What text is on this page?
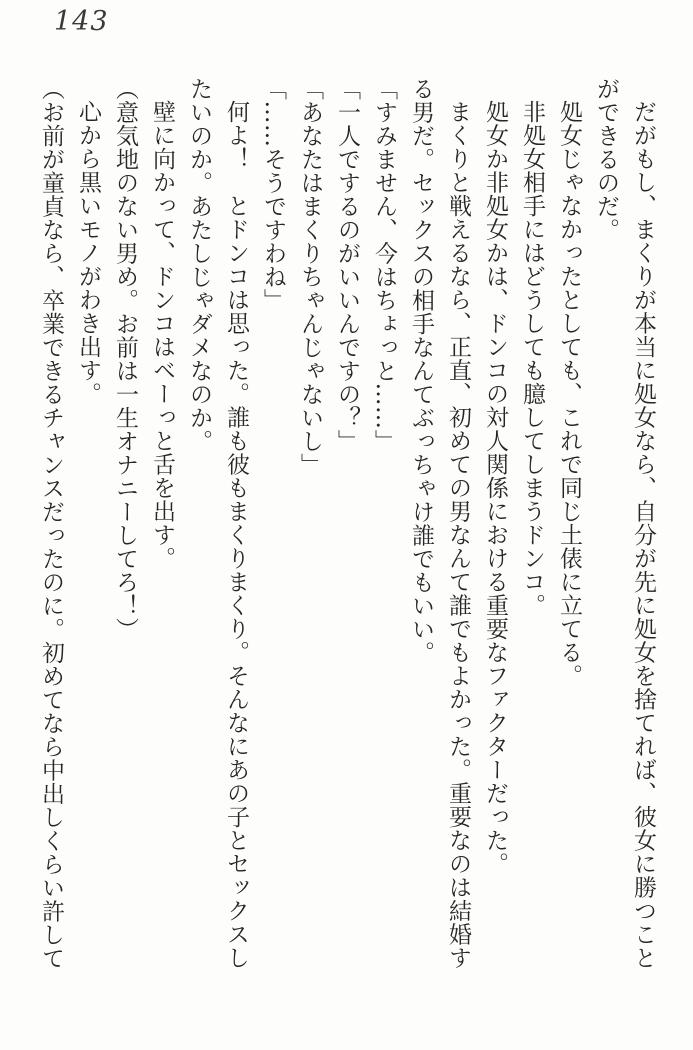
143

だがもし、まくりが本当に処女なら、自分が先に処女を捨てれば、彼女に勝つことができるのだ。

処女じゃなかったとしても、これで同じ土俵に立てる。

非処女相手にはどうしても臆してしまうドンコ。

処女か非処女かは、ドンコの対人関係における重要なファクターだった。

まくりと戦えるなら、正直、初めての男なんて誰でもよかった。重要なのは結婚する男だ。セックスの相手なんてぶっちゃけ誰でもいい。

「すみません、今はちょっと……」

「一人でするのがいいんですの？」

「あなたはまくりちゃんじゃないし」

「……そうですわね」

何よ！　とドンコは思った。誰も彼もまくりまくり。そんなにあの子とセックスしたいのか。あたしじゃダメなのか。

壁に向かって、ドンコはベーっと舌を出す。

（意気地のない男め。お前は一生オナニーしてろ！）

心から黒いモノがわき出す。

（お前が童貞なら、卒業できるチャンスだったのに。初めてなら中出しくらい許して
